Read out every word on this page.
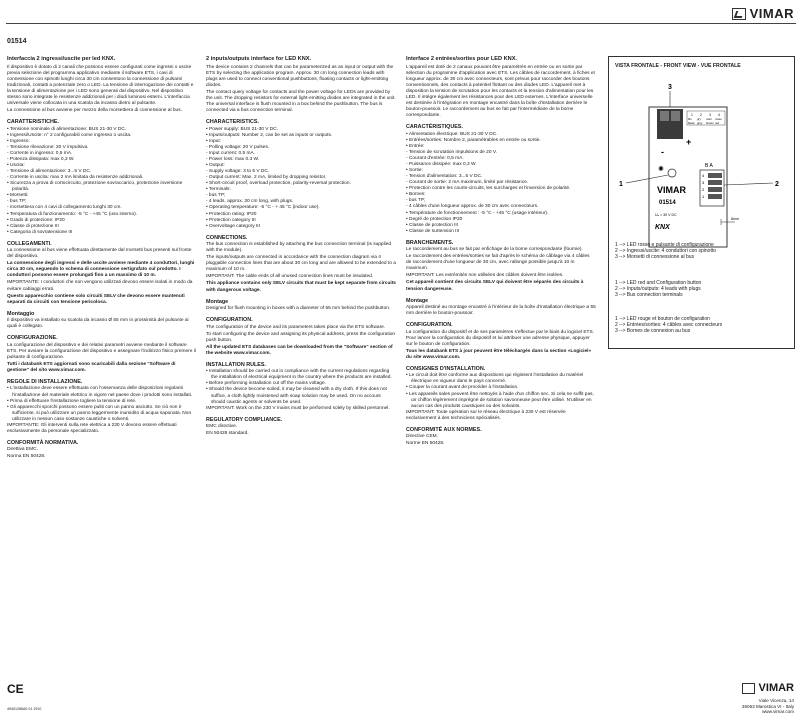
VIMAR
01514
Interfaccia 2 ingressi/uscite per led KNX.

Il dispositivo è dotato di 2 canali che possono essere configurati come ingressi o uscite previa selezione del programma applicativo mediante il software ETS, i cavi di connessione con spinotti lunghi circa 30 cm consentono la connessione di pulsanti tradizionali, contatti a potenziale zero o LED. La tensione di interrogazione dei contatti e la tensione di alimentazione per i LED sono generati dal dispositivo. Nel dispositivo stesso sono integrate le resistenze addizionali per i diodi luminosi esterni. L'interfaccia universale viene collocata in una scatola da incasso dietro al pulsante.

La connessione al bus avviene per mezzo della morsettiera di connessione al bus.

CARATTERISTICHE.
• Tensione nominale di alimentazione: BUS 21-30 V DC.
• Ingressi/Uscite: n° 2 configurabili come ingresso o uscita.
• Ingresso:
- Tensione rilevazione: 20 V impulsiva.
- Corrente in ingresso: 0,5 mA.
- Potenza dissipata: max 0,3 W.
• Uscita:
- Tensione di alimentazione: 3...5 V DC.
- Corrente in uscita: max 2 mA limitata da resistenze addizionali.
• Sicurezza a prova di cortocircuito, protezione sovraccarico, protezione inversione polarità.
• Morsetti:
- bus TP;
- morsettiera con 4 cavi di collegamento lunghi 30 cm.
• Temperatura di funzionamento: -5 °C - +45 °C (uso interno).
• Grado di protezione: IP20
• Classe di protezione III
• Categoria di sovratensione III
COLLEGAMENTI.

La connessione al bus viene effettuata direttamente dal morsetti bus presenti sul fronte del dispositivo.

La connessione degli ingressi e delle uscite avviene mediante 4 conduttori, lunghi circa 30 cm, seguendo lo schema di connessione sertigrafato sul prodotto. I conduttori possono essere prolungati fino a un massimo di 10 m.

IMPORTANTE: I conduttori che non vengono utilizzati devono essere isolati in modo da evitare cablaggi errati.

Questo apparecchio contiene solo circuiti SELV che devono essere mantenuti separati da circuiti con tensione pericolosa.

Montaggio

Il dispositivo va installato su scatola da incasso Ø 55 mm in prossimità del pulsante ai quali è collegato.

CONFIGURAZIONE.

La configurazione del dispositivo e dei relativi parametri avviene mediante il software ETS. Per avviare la configurazione del dispositivo e assegnare l'indirizzo fisico premere il pulsante di configurazione.

Tutti i databank ETS aggiornati sono scaricabili dalla sezione "Software di gestione" del sito www.vimar.com.

REGOLE DI INSTALLAZIONE.
• L'installazione deve essere effettuata con l'osservanza delle disposizioni regolanti l'installazione del materiale elettrico in vigore nel paese dove i prodotti sono installati.
• Prima di effettuare l'installazione togliere la tensione di rete.
• Gli apparecchi sporchi possono essere puliti con un panno asciutto. Se ciò non è sufficiente, si può utilizzare un panno leggermente inumidito di acqua saponata. Non utilizzare in nessun caso sostanze caustiche o solventi.

IMPORTANTE: Gli interventi sulla rete elettrica a 230 V devono essere effettuati esclusivamente da personale specializzato.

CONFORMITÀ NORMATIVA.

Direttiva EMC.

Norma EN 50428.

2 inputs/outputs interface for LED KNX.

The device contains 2 channels that can be parameterized as an input or output with the ETS by selecting the application program. Approx. 30 cm long connection leads with plugs are used to connect conventional pushbuttons, floating contacts or light-emitting diodes.

The contact query voltage for contacts and the power voltage for LEDs are provided by the unit. The dropping resistors for external light-emitting diodes are integrated in the unit. The universal interface is flush mounted in a box behind the pushbutton. The bus is connected via a bus connection terminal.

CHARACTERISTICS.
• Power supply: BUS 21-30 V DC.
• Inputs/outputs: Number 2, can be set as inputs or outputs.
• Input:
- Polling voltage: 20 V pulses.
- Input current: 0.5 mA.
- Power loss: max 0.3 W.
• Output:
- Supply voltage: 3 to 5 V DC.
- Output current: Max. 2 mA, limited by dropping resistor.
• Short-circuit proof, overload protection, polarity-reversal protection.
• Terminals:
- bus TP;
- 4 leads, approx. 30 cm long, with plugs.
• Operating temperature: -5 °C - + 45 °C (indoor use).
• Protection rating: IP20
• Protection category III
• Overvoltage category III
CONNECTIONS.

The bus connection is established by attaching the bus connection terminal (is supplied with the module).

The inputs/outputs are connected in accordance with the connection diagram via 4 pluggable connection lines that are about 30 cm long and are allowed to be extended to a maximum of 10 m.

IMPORTANT: The cable ends of all unused connection lines must be insulated.

This appliance contains only SELV circuits that must be kept separate from circuits with dangerous voltage.

Montage

Designed for flush mounting in boxes with a diameter of 55 mm behind the pushbutton.

CONFIGURATION.

The configuration of the device and its parameters takes place via the ETS software.

To start configuring the device and assigning its physical address, press the configuration push button.

All the updated ETS databases can be downloaded from the "Software" section of the website www.vimar.com.

INSTALLATION RULES.
• Installation should be carried out in compliance with the current regulations regarding the installation of electrical equipment in the country where the products are installed.
• Before performing installation cut off the mains voltage.
• Should the device become soiled, it may be cleaned with a dry cloth. If this does not suffice, a cloth lightly moistened with soap solution may be used. On no account should caustic agents or solvents be used.

IMPORTANT: Work on the 230 V mains must be performed solely by skilled personnel.

REGULATORY COMPLIANCE.

EMC directive.

EN 50428 standard.

Interface 2 entrées/sorties pour LED KNX.

L'appareil est doté de 2 canaux pouvant être paramétrés en entrée ou en sortie par sélection du programme d'application avec ETS. Les câbles de raccordement, à fiches et longueur approx. de 30 cm avec connecteurs, sont prévus pour raccorder des boutons conventionnels, des contacts à potentiel flottant ou des diodes LED. L'appareil met à disposition la tension de scrutation pour les contacts et la tension d'alimentation pour les LED. Il intègre également les résistances pour des LED externes. L'interface universelle est destinée à l'intégration en montage encastré dans la boîte d'installation derrière le bouton-poussoir. Le raccordement au bus se fait par l'intermédiaire de la borne correspondante.

CARACTÉRISTIQUES.
• Alimentation électrique: BUS 21-30 V DC.
• Entrées/sorties: Nombre 2, paramétrables en entrée ou sortie.
• Entrée:
- Tension de scrutation impulsions de 20 V.
- Courant d'entrée: 0,5 mA.
- Puissance dissipée: max 0,3 W.
• Sortie:
- Tension d'alimentation: 3...5 V DC.
- Courant de sortie: 2 mA maximum, limité par résistance.
• Protection contre les courts-circuits, les surcharges et l'inversion de polarité.
• Bornes:
- bus TP;
- 4 câbles d'une longueur approx. de 30 cm avec connecteurs.
• Température de fonctionnement : -5 °C - +45 °C (usage intérieur).
• Degré de protection IP20
• Classe de protection III
• Classe de surtension III
BRANCHEMENTS.

Le raccordement au bus se fait par enfichage de la borne correspondante (fournie).

Le raccordement des entrées/sorties se fait d'après le schéma de câblage via 4 câbles de raccordement d'une longueur de 30 cm, avec rallonge possible jusqu'à 10 m maximum.

IMPORTANT: Les extrémités non utilisées des câbles doivent être isolées.

Cet appareil contient des circuits SELV qui doivent être séparés des circuits à tension dangereuse.

Montage

Appareil destiné au montage encastré à l'intérieur de la boîte d'installation électrique ø 55 mm derrière le bouton-poussoir.

CONFIGURATION.

La configuration du dispositif et de ses paramètres s'effectue par le biais du logiciel ETS. Pour lancer la configuration du dispositif et lui attribuer une adresse physique, appuyer sur le bouton de configuration.

Tous les databank ETS à jour peuvent être téléchargés dans la section «Logiciel» du site www.vimar.com.

CONSIGNES D'INSTALLATION.
• Le circuit doit être conforme aux dispositions qui régissent l'installation du matériel électrique en vigueur dans le pays concerné.
• Couper la courant avant de procéder à l'installation.
• Les appareils sales peuvent être nettoyés à l'aide d'un chiffon sec. Si cela ne suffit pas, un chiffon légèrement imprégné de solution savonneuse peut être utilisé. N'utiliser en aucun cas des produits caustiques ou des solvants.

IMPORTANT: Toute opération sur le réseau électrique à 230 V est réservée exclusivement à des techniciens spécialisés.

CONFORMITÉ AUX NORMES.

Directive CEM.

Norme EN 50428.

VISTA FRONTALE - FRONT VIEW - VUE FRONTALE
3
+
-
1 2 3 4
blu gry marr rosso
black grey brown red
✺	B A
4
3
2
1
VIMAR
01514
Uₙ = 30 V DC
KNX
8mm
1	2
1 --> LED rosso e pulsante di configurazione
2 --> Ingressi/uscite: 4 conduttori con spinotto
3 --> Morsetti di connessione al bus
1 --> LED red and Configuration button
2 --> Inputs/outputs: 4 leads with plugs
3 --> Bus connection terminals
1 --> LED rouge et bouton de configuration
2 --> Entrées/sorties: 4 câbles avec connecteurs
3 --> Bornes de connexion au bus
CE
49401286A0 01 1910
VIMAR
Viale Vicenza, 14
36063 Marostica VI - Italy
www.vimar.com
